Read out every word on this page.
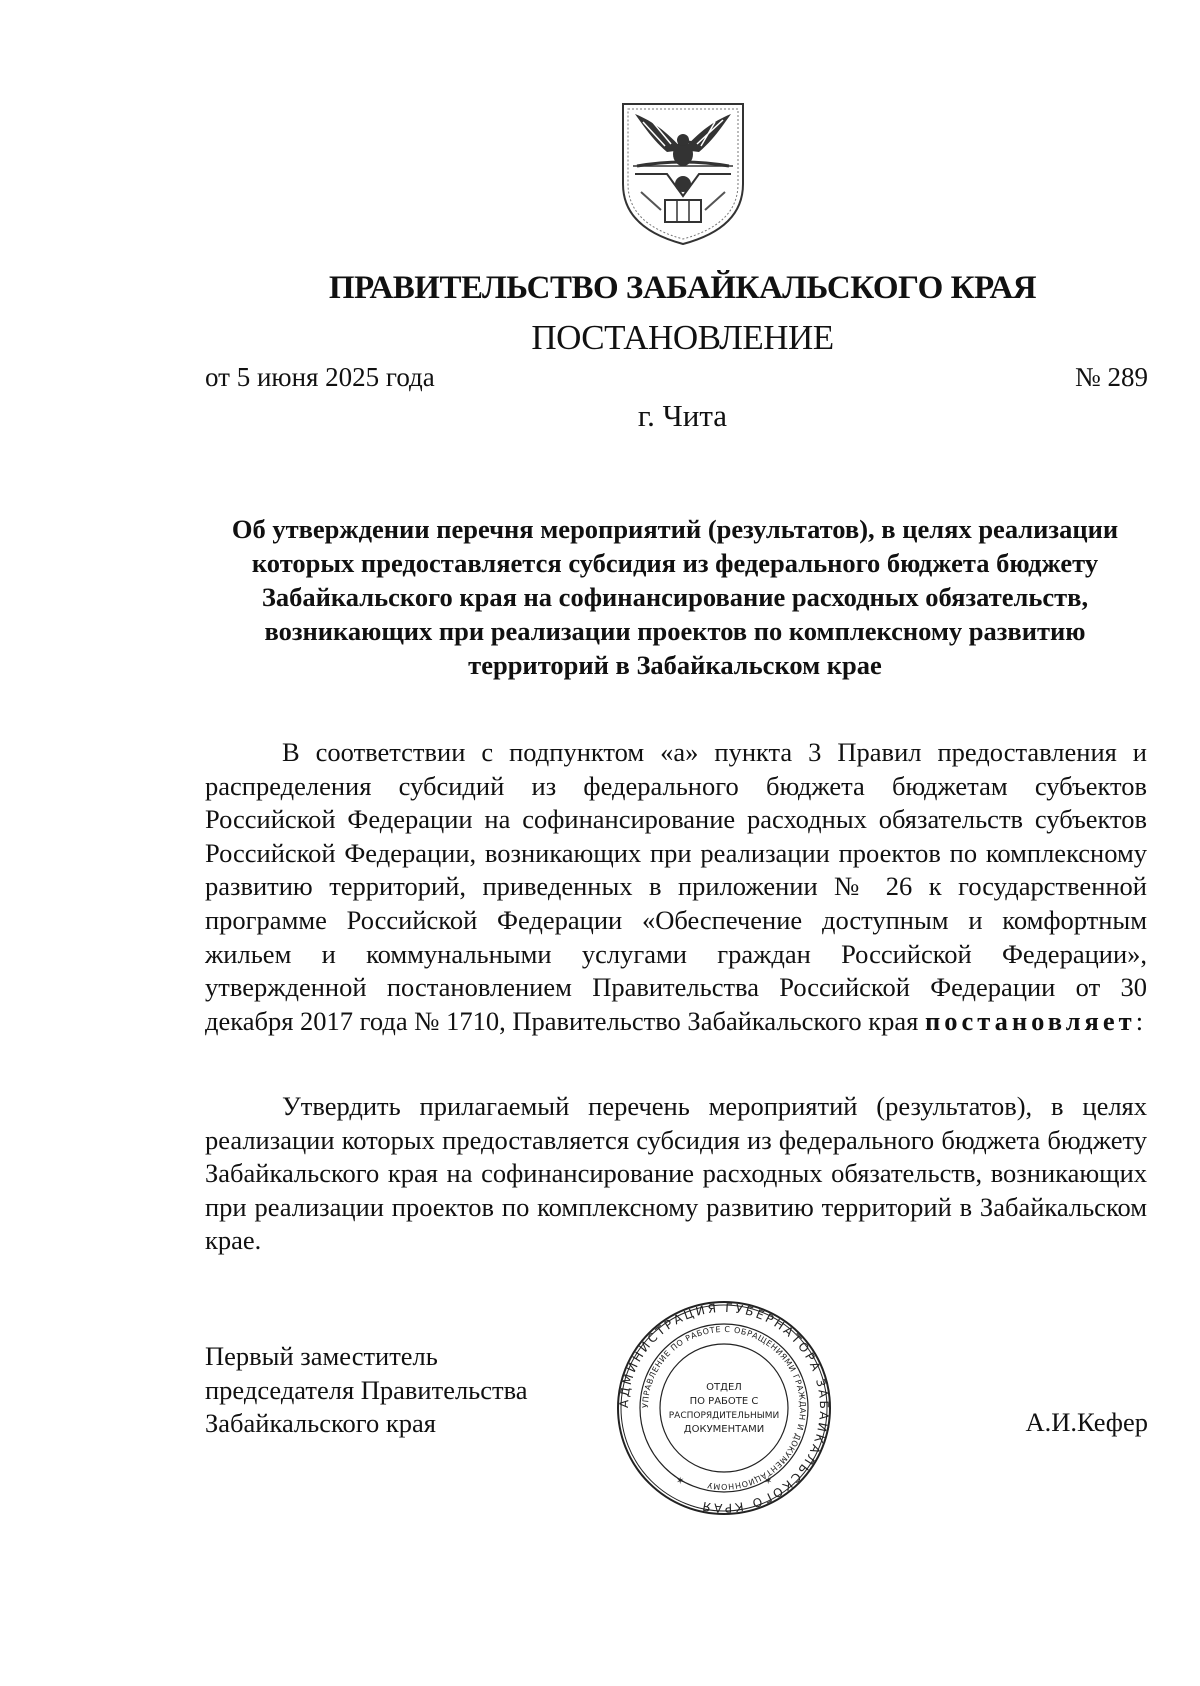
ПРАВИТЕЛЬСТВО ЗАБАЙКАЛЬСКОГО КРАЯ
ПОСТАНОВЛЕНИЕ
от 5 июня 2025 года	№ 289
г. Чита
Об утверждении перечня мероприятий (результатов), в целях реализации которых предоставляется субсидия из федерального бюджета бюджету Забайкальского края на софинансирование расходных обязательств, возникающих при реализации проектов по комплексному развитию территорий в Забайкальском крае
В соответствии с подпунктом «а» пункта 3 Правил предоставления и распределения субсидий из федерального бюджета бюджетам субъектов Российской Федерации на софинансирование расходных обязательств субъектов Российской Федерации, возникающих при реализации проектов по комплексному развитию территорий, приведенных в приложении № 26 к государственной программе Российской Федерации «Обеспечение доступным и комфортным жильем и коммунальными услугами граждан Российской Федерации», утвержденной постановлением Правительства Российской Федерации от 30 декабря 2017 года № 1710, Правительство Забайкальского края постановляет:
Утвердить прилагаемый перечень мероприятий (результатов), в целях реализации которых предоставляется субсидия из федерального бюджета бюджету Забайкальского края на софинансирование расходных обязательств, возникающих при реализации проектов по комплексному развитию территорий в Забайкальском крае.
Первый заместитель
председателя Правительства
Забайкальского края
АДМИНИСТРАЦИЯ ГУБЕРНАТОРА ЗАБАЙКАЛЬСКОГО КРАЯ
УПРАВЛЕНИЕ ПО РАБОТЕ С ОБРАЩЕНИЯМИ ГРАЖДАН И ДОКУМЕНТАЦИОННОМУ
ОТДЕЛ
ПО РАБОТЕ С
РАСПОРЯДИТЕЛЬНЫМИ
ДОКУМЕНТАМИ
✶	✶
А.И.Кефер
